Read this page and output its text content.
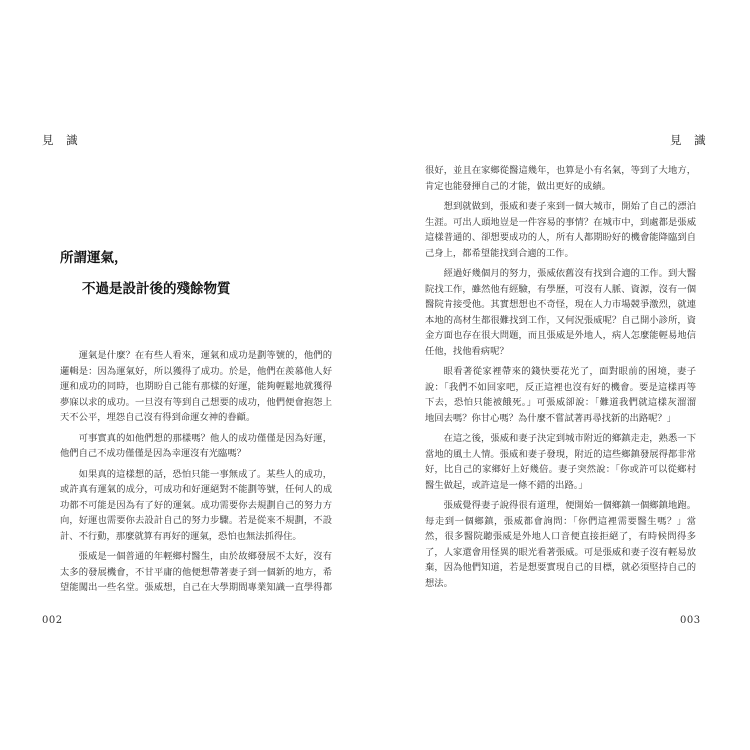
見 識
所謂運氣，
不過是設計後的殘餘物質
運氣是什麼？在有些人看來，運氣和成功是劃等號的，他們的
邏輯是：因為運氣好，所以獲得了成功。於是，他們在羨慕他人好
運和成功的同時，也期盼自己能有那樣的好運，能夠輕鬆地就獲得
夢寐以求的成功。一旦沒有等到自己想要的成功，他們便會抱怨上
天不公平，埋怨自己沒有得到命運女神的眷顧。
可事實真的如他們想的那樣嗎？他人的成功僅僅是因為好運，
他們自己不成功僅僅是因為幸運沒有光臨嗎？
如果真的這樣想的話，恐怕只能一事無成了。某些人的成功，
或許真有運氣的成分，可成功和好運絕對不能劃等號，任何人的成
功都不可能是因為有了好的運氣。成功需要你去規劃自己的努力方
向，好運也需要你去設計自己的努力步驟。若是從來不規劃，不設
計、不行動，那麼就算有再好的運氣，恐怕也無法抓得住。
張威是一個普通的年輕鄉村醫生，由於故鄉發展不太好，沒有
太多的發展機會，不甘平庸的他便想帶著妻子到一個新的地方，希
望能闖出一些名堂。張威想，自己在大學期間專業知識一直學得都
002
見 識
很好，並且在家鄉從醫這幾年，也算是小有名氣，等到了大地方，
肯定也能發揮自己的才能，做出更好的成績。
想到就做到，張威和妻子來到一個大城市，開始了自己的漂泊
生涯。可出人頭地豈是一件容易的事情？在城市中，到處都是張威
這樣普通的、卻想要成功的人，所有人都期盼好的機會能降臨到自
己身上，都希望能找到合適的工作。
經過好幾個月的努力，張威依舊沒有找到合適的工作。到大醫
院找工作，雖然他有經驗，有學歷，可沒有人脈、資源，沒有一個
醫院肯接受他。其實想想也不奇怪，現在人力市場競爭激烈，就連
本地的高材生都很難找到工作，又何況張威呢？自己開小診所，資
金方面也存在很大問題，而且張威是外地人，病人怎麼能輕易地信
任他，找他看病呢？
眼看著從家裡帶來的錢快要花光了，面對眼前的困境，妻子
說：「我們不如回家吧，反正這裡也沒有好的機會。要是這樣再等
下去，恐怕只能被餓死。」可張威卻說：「難道我們就這樣灰溜溜
地回去嗎？你甘心嗎？為什麼不嘗試著再尋找新的出路呢？」
在這之後，張威和妻子決定到城市附近的鄉鎮走走，熟悉一下
當地的風土人情。張威和妻子發現，附近的這些鄉鎮發展得都非常
好，比自己的家鄉好上好幾倍。妻子突然說：「你或許可以從鄉村
醫生做起，或許這是一條不錯的出路。」
張威覺得妻子說得很有道理，便開始一個鄉鎮一個鄉鎮地跑。
每走到一個鄉鎮，張威都會詢問：「你們這裡需要醫生嗎？」當
然，很多醫院聽張威是外地人口音便直接拒絕了，有時候問得多
了，人家還會用怪異的眼光看著張威。可是張威和妻子沒有輕易放
棄，因為他們知道，若是想要實現自己的目標，就必須堅持自己的
想法。
003
